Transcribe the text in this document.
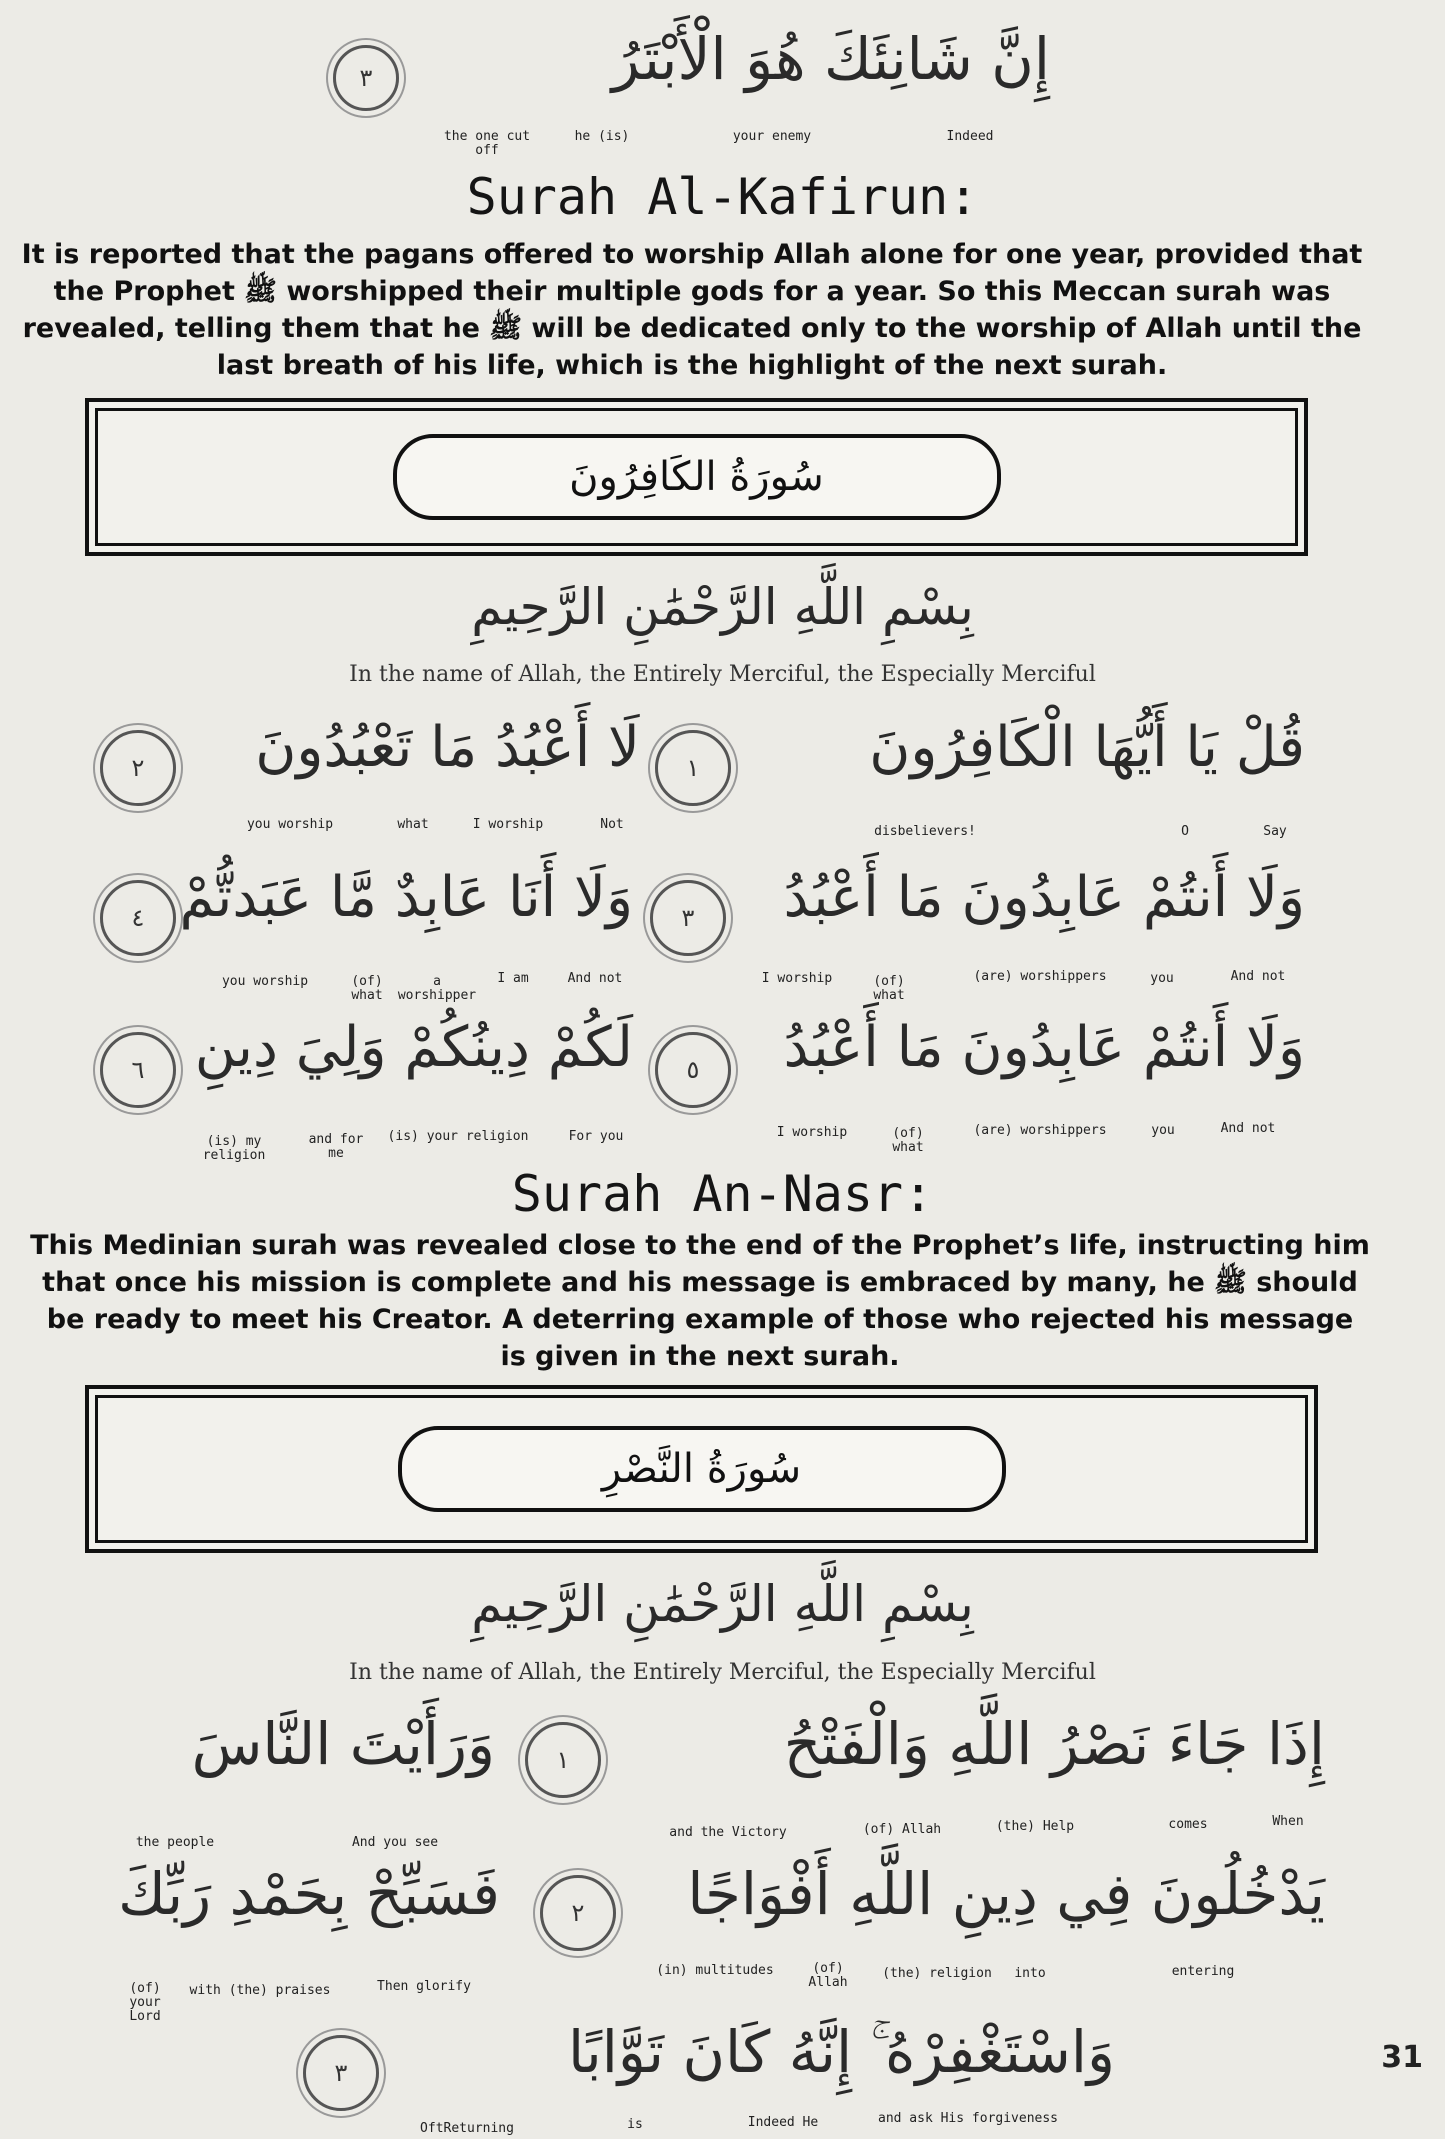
إِنَّ شَانِئَكَ هُوَ الْأَبْتَرُ
٣
Indeed
your enemy
he (is)
the one cut off
Surah Al-Kafirun:
It is reported that the pagans offered to worship Allah alone for one year, provided that the Prophet ﷺ worshipped their multiple gods for a year. So this Meccan surah was revealed, telling them that he ﷺ will be dedicated only to the worship of Allah until the last breath of his life, which is the highlight of the next surah.
سُورَةُ الكَافِرُونَ
بِسْمِ اللَّهِ الرَّحْمَٰنِ الرَّحِيمِ
In the name of Allah, the Entirely Merciful, the Especially Merciful
قُلْ يَا أَيُّهَا الْكَافِرُونَ
١
لَا أَعْبُدُ مَا تَعْبُدُونَ
٢
Say
O
disbelievers!
Not
I worship
what
you worship
وَلَا أَنتُمْ عَابِدُونَ مَا أَعْبُدُ
٣
وَلَا أَنَا عَابِدٌ مَّا عَبَدتُّمْ
٤
And not
you
(are) worshippers
(of) what
I worship
And not
I am
a worshipper
(of) what
you worship
وَلَا أَنتُمْ عَابِدُونَ مَا أَعْبُدُ
٥
لَكُمْ دِينُكُمْ وَلِيَ دِينِ
٦
And not
you
(are) worshippers
(of) what
I worship
For you
(is) your religion
and for me
(is) my religion
Surah An-Nasr:
This Medinian surah was revealed close to the end of the Prophet’s life, instructing him that once his mission is complete and his message is embraced by many, he ﷺ should be ready to meet his Creator. A deterring example of those who rejected his message is given in the next surah.
سُورَةُ النَّصْرِ
بِسْمِ اللَّهِ الرَّحْمَٰنِ الرَّحِيمِ
In the name of Allah, the Entirely Merciful, the Especially Merciful
إِذَا جَاءَ نَصْرُ اللَّهِ وَالْفَتْحُ
١
وَرَأَيْتَ النَّاسَ
When
comes
(the) Help
(of) Allah
and the Victory
And you see
the people
يَدْخُلُونَ فِي دِينِ اللَّهِ أَفْوَاجًا
٢
فَسَبِّحْ بِحَمْدِ رَبِّكَ
entering
into
(the) religion
(of) Allah
(in) multitudes
Then glorify
with (the) praises
(of) your Lord
وَاسْتَغْفِرْهُ ۚ إِنَّهُ كَانَ تَوَّابًا
٣
and ask His forgiveness
Indeed He
is
OftReturning
31
